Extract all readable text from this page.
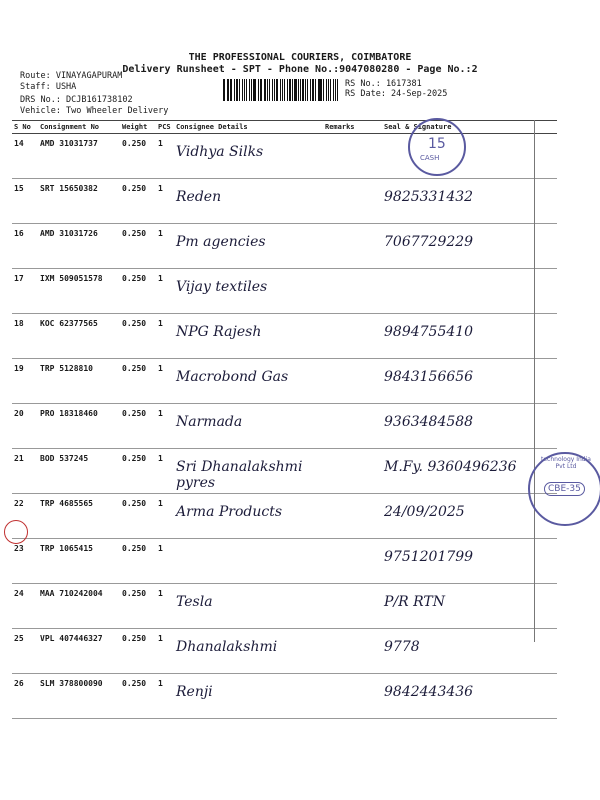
THE PROFESSIONAL COURIERS, COIMBATORE
Delivery Runsheet - SPT - Phone No.:9047080280 - Page No.:2
Route: VINAYAGAPURAM
Staff: USHA
DRS No.: DCJB161738102
Vehicle: Two Wheeler Delivery
RS No.: 1617381
RS Date: 24-Sep-2025
S No	Consignment No	Weight	PCS	Consignee Details	Remarks	Seal & Signature
14	AMD 31031737	0.250	1	Vidhya Silks		
15	SRT 15650382	0.250	1	Reden		9825331432
16	AMD 31031726	0.250	1	Pm agencies		7067729229
17	IXM 509051578	0.250	1	Vijay textiles		
18	KOC 62377565	0.250	1	NPG Rajesh		9894755410
19	TRP 5128810	0.250	1	Macrobond Gas		9843156656
20	PRO 18318460	0.250	1	Narmada		9363484588
21	BOD 537245	0.250	1	Sri Dhanalakshmi pyres		M.Fy. 9360496236
22	TRP 4685565	0.250	1	Arma Products		24/09/2025
23	TRP 1065415	0.250	1			9751201799
24	MAA 710242004	0.250	1	Tesla		P/R RTN
25	VPL 407446327	0.250	1	Dhanalakshmi		9778
26	SLM 378800090	0.250	1	Renji		9842443436
CASH
15
technology India Pvt Ltd
CBE-35
